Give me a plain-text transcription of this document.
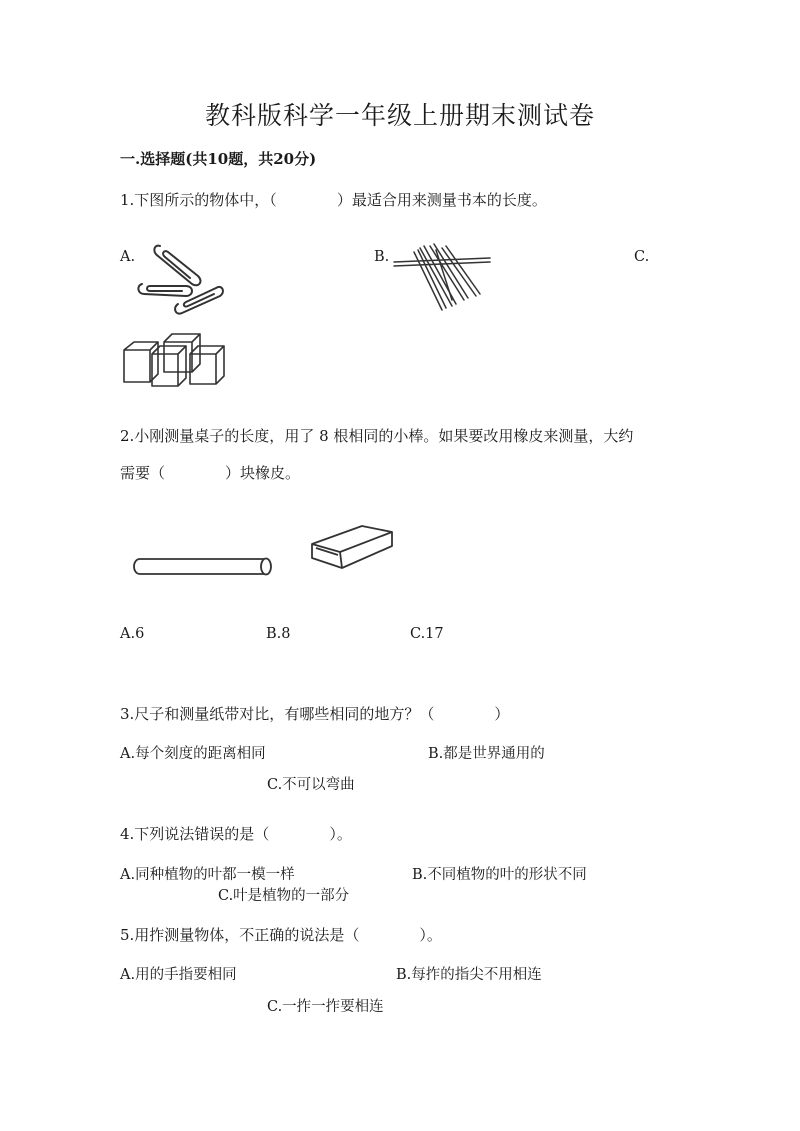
教科版科学一年级上册期末测试卷
一.选择题(共10题，共20分)
1.下图所示的物体中，（　　　　）最适合用来测量书本的长度。
A.	B.	C.
2.小刚测量桌子的长度，用了 8 根相同的小棒。如果要改用橡皮来测量，大约
需要（　　　　）块橡皮。
A.6	B.8	C.17
3.尺子和测量纸带对比，有哪些相同的地方？（　　　　）
A.每个刻度的距离相同	B.都是世界通用的
C.不可以弯曲
4.下列说法错误的是（　　　　）。
A.同种植物的叶都一模一样	B.不同植物的叶的形状不同
C.叶是植物的一部分
5.用拃测量物体，不正确的说法是（　　　　）。
A.用的手指要相同	B.每拃的指尖不用相连
C.一拃一拃要相连
